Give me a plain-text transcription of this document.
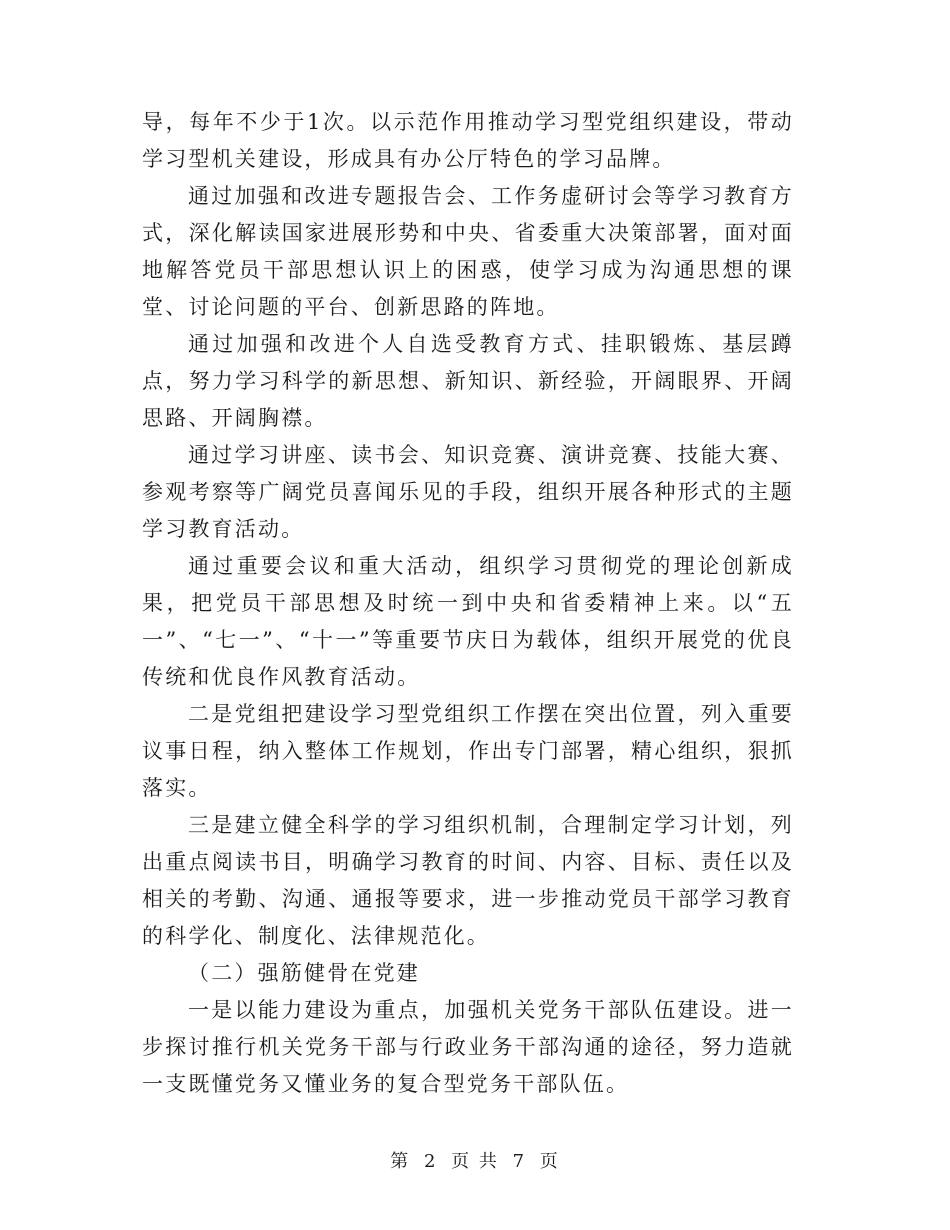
导，每年不少于1次。以示范作用推动学习型党组织建设，带动学习型机关建设，形成具有办公厅特色的学习品牌。

通过加强和改进专题报告会、工作务虚研讨会等学习教育方式，深化解读国家进展形势和中央、省委重大决策部署，面对面地解答党员干部思想认识上的困惑，使学习成为沟通思想的课堂、讨论问题的平台、创新思路的阵地。

通过加强和改进个人自选受教育方式、挂职锻炼、基层蹲点，努力学习科学的新思想、新知识、新经验，开阔眼界、开阔思路、开阔胸襟。

通过学习讲座、读书会、知识竞赛、演讲竞赛、技能大赛、参观考察等广阔党员喜闻乐见的手段，组织开展各种形式的主题学习教育活动。

通过重要会议和重大活动，组织学习贯彻党的理论创新成果，把党员干部思想及时统一到中央和省委精神上来。以“五一”、“七一”、“十一”等重要节庆日为载体，组织开展党的优良传统和优良作风教育活动。

二是党组把建设学习型党组织工作摆在突出位置，列入重要议事日程，纳入整体工作规划，作出专门部署，精心组织，狠抓落实。

三是建立健全科学的学习组织机制，合理制定学习计划，列出重点阅读书目，明确学习教育的时间、内容、目标、责任以及相关的考勤、沟通、通报等要求，进一步推动党员干部学习教育的科学化、制度化、法律规范化。

（二）强筋健骨在党建

一是以能力建设为重点，加强机关党务干部队伍建设。进一步探讨推行机关党务干部与行政业务干部沟通的途径，努力造就一支既懂党务又懂业务的复合型党务干部队伍。

第 2 页 共 7 页
